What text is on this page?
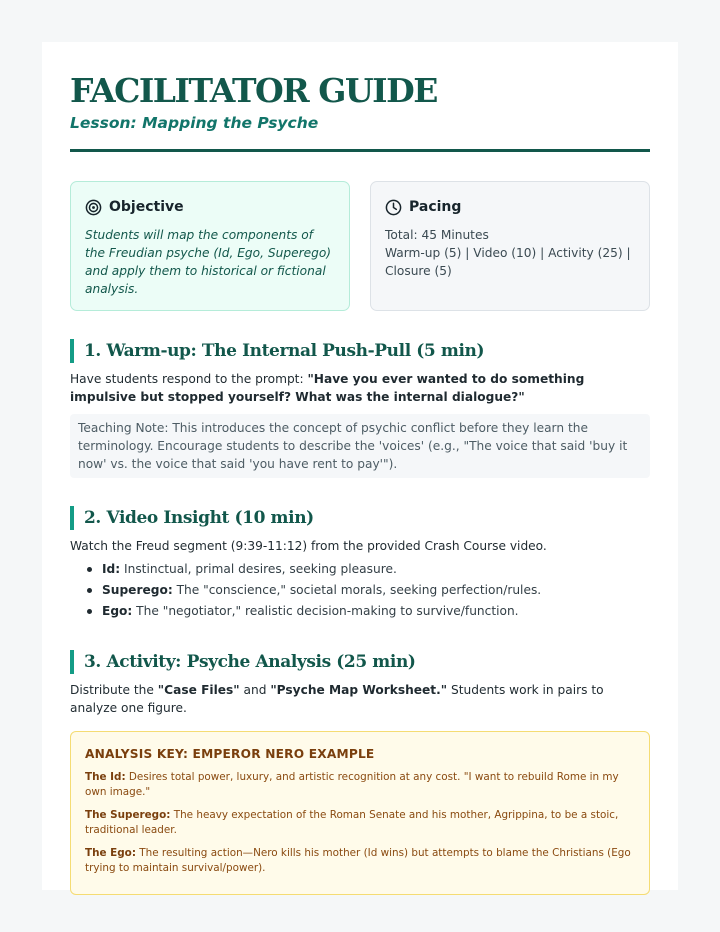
FACILITATOR GUIDE
Lesson: Mapping the Psyche
Objective
Students will map the components of the Freudian psyche (Id, Ego, Superego) and apply them to historical or fictional analysis.
Pacing
Total: 45 Minutes
Warm-up (5) | Video (10) | Activity (25) | Closure (5)
1. Warm-up: The Internal Push-Pull (5 min)

Have students respond to the prompt: "Have you ever wanted to do something impulsive but stopped yourself? What was the internal dialogue?"

Teaching Note: This introduces the concept of psychic conflict before they learn the terminology. Encourage students to describe the 'voices' (e.g., "The voice that said 'buy it now' vs. the voice that said 'you have rent to pay'").
2. Video Insight (10 min)

Watch the Freud segment (9:39-11:12) from the provided Crash Course video.

Id: Instinctual, primal desires, seeking pleasure.
Superego: The "conscience," societal morals, seeking perfection/rules.
Ego: The "negotiator," realistic decision-making to survive/function.
3. Activity: Psyche Analysis (25 min)

Distribute the "Case Files" and "Psyche Map Worksheet." Students work in pairs to analyze one figure.

ANALYSIS KEY: EMPEROR NERO EXAMPLE
The Id: Desires total power, luxury, and artistic recognition at any cost. "I want to rebuild Rome in my own image."
The Superego: The heavy expectation of the Roman Senate and his mother, Agrippina, to be a stoic, traditional leader.
The Ego: The resulting action—Nero kills his mother (Id wins) but attempts to blame the Christians (Ego trying to maintain survival/power).
